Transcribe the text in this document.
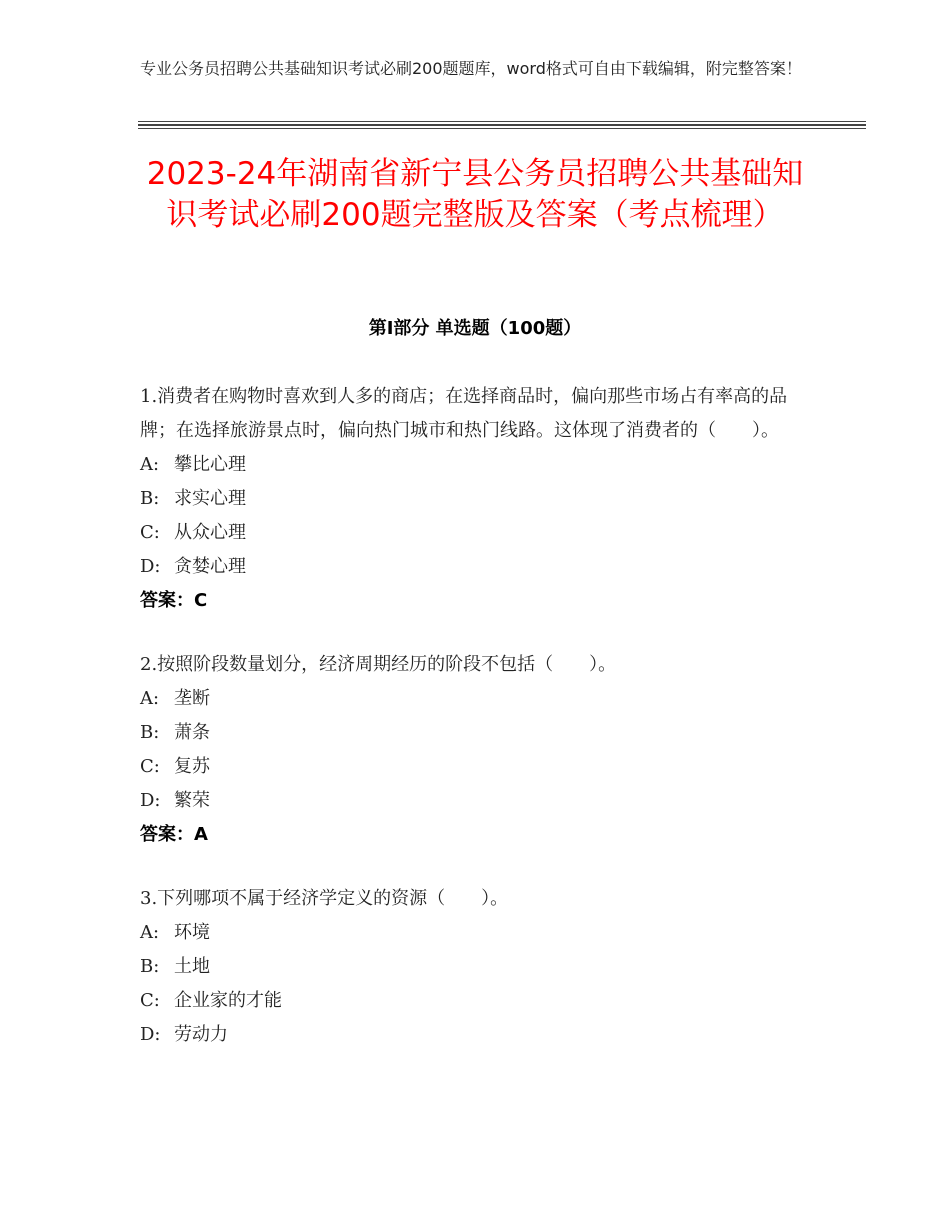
专业公务员招聘公共基础知识考试必刷200题题库，word格式可自由下载编辑，附完整答案！
2023-24年湖南省新宁县公务员招聘公共基础知识考试必刷200题完整版及答案（考点梳理）
第Ⅰ部分 单选题（100题）

1.消费者在购物时喜欢到人多的商店；在选择商品时，偏向那些市场占有率高的品牌；在选择旅游景点时，偏向热门城市和热门线路。这体现了消费者的（　　）。

A: 攀比心理

B: 求实心理

C: 从众心理

D: 贪婪心理

答案：C

2.按照阶段数量划分，经济周期经历的阶段不包括（　　）。

A: 垄断

B: 萧条

C: 复苏

D: 繁荣

答案：A

3.下列哪项不属于经济学定义的资源（　　）。

A: 环境

B: 土地

C: 企业家的才能

D: 劳动力
